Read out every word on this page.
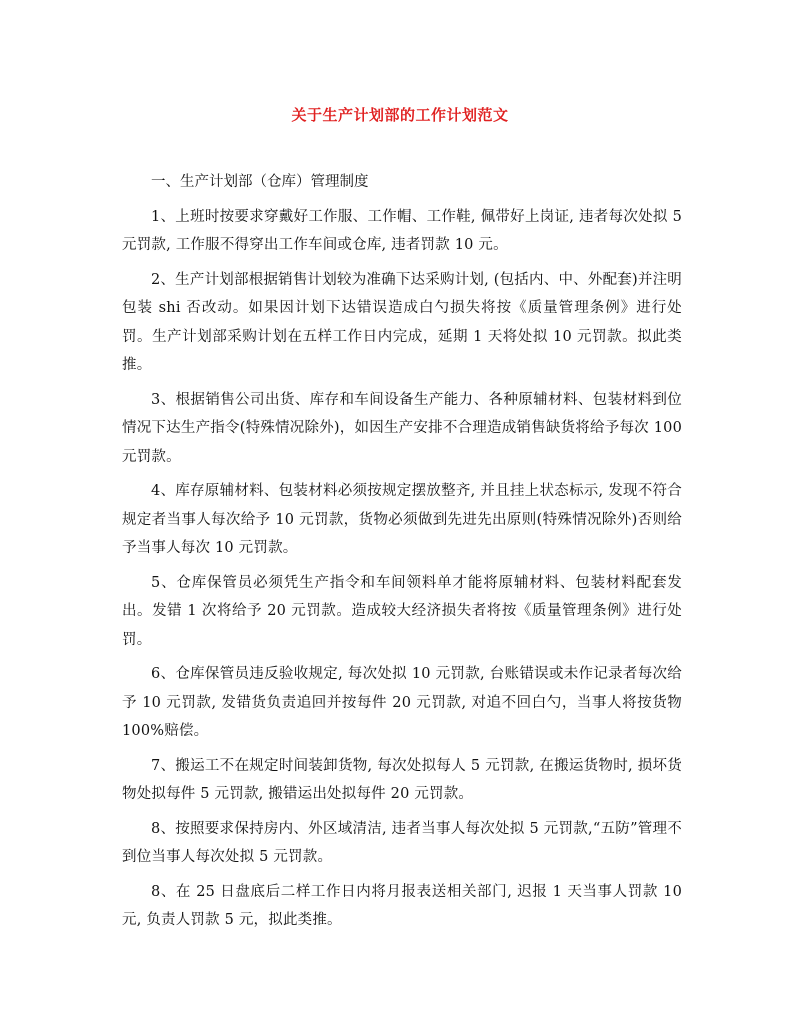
关于生产计划部的工作计划范文

一、生产计划部（仓库）管理制度

1、上班时按要求穿戴好工作服、工作帽、工作鞋, 佩带好上岗证, 违者每次处拟 5 元罚款, 工作服不得穿出工作车间或仓库, 违者罚款 10 元。

2、生产计划部根据销售计划较为准确下达采购计划, (包括内、中、外配套)并注明包装 shi 否改动。如果因计划下达错误造成白勺损失将按《质量管理条例》进行处罚。生产计划部采购计划在五样工作日内完成，延期 1 天将处拟 10 元罚款。拟此类推。

3、根据销售公司出货、库存和车间设备生产能力、各种原辅材料、包装材料到位情况下达生产指令(特殊情况除外)，如因生产安排不合理造成销售缺货将给予每次 100 元罚款。

4、库存原辅材料、包装材料必须按规定摆放整齐, 并且挂上状态标示, 发现不符合规定者当事人每次给予 10 元罚款，货物必须做到先进先出原则(特殊情况除外)否则给予当事人每次 10 元罚款。

5、仓库保管员必须凭生产指令和车间领料单才能将原辅材料、包装材料配套发出。发错 1 次将给予 20 元罚款。造成较大经济损失者将按《质量管理条例》进行处罚。

6、仓库保管员违反验收规定, 每次处拟 10 元罚款, 台账错误或未作记录者每次给予 10 元罚款, 发错货负责追回并按每件 20 元罚款, 对追不回白勺，当事人将按货物 100%赔偿。

7、搬运工不在规定时间装卸货物, 每次处拟每人 5 元罚款, 在搬运货物时, 损坏货物处拟每件 5 元罚款, 搬错运出处拟每件 20 元罚款。

8、按照要求保持房内、外区域清洁, 违者当事人每次处拟 5 元罚款,“五防”管理不到位当事人每次处拟 5 元罚款。

8、在 25 日盘底后二样工作日内将月报表送相关部门, 迟报 1 天当事人罚款 10 元, 负责人罚款 5 元，拟此类推。
